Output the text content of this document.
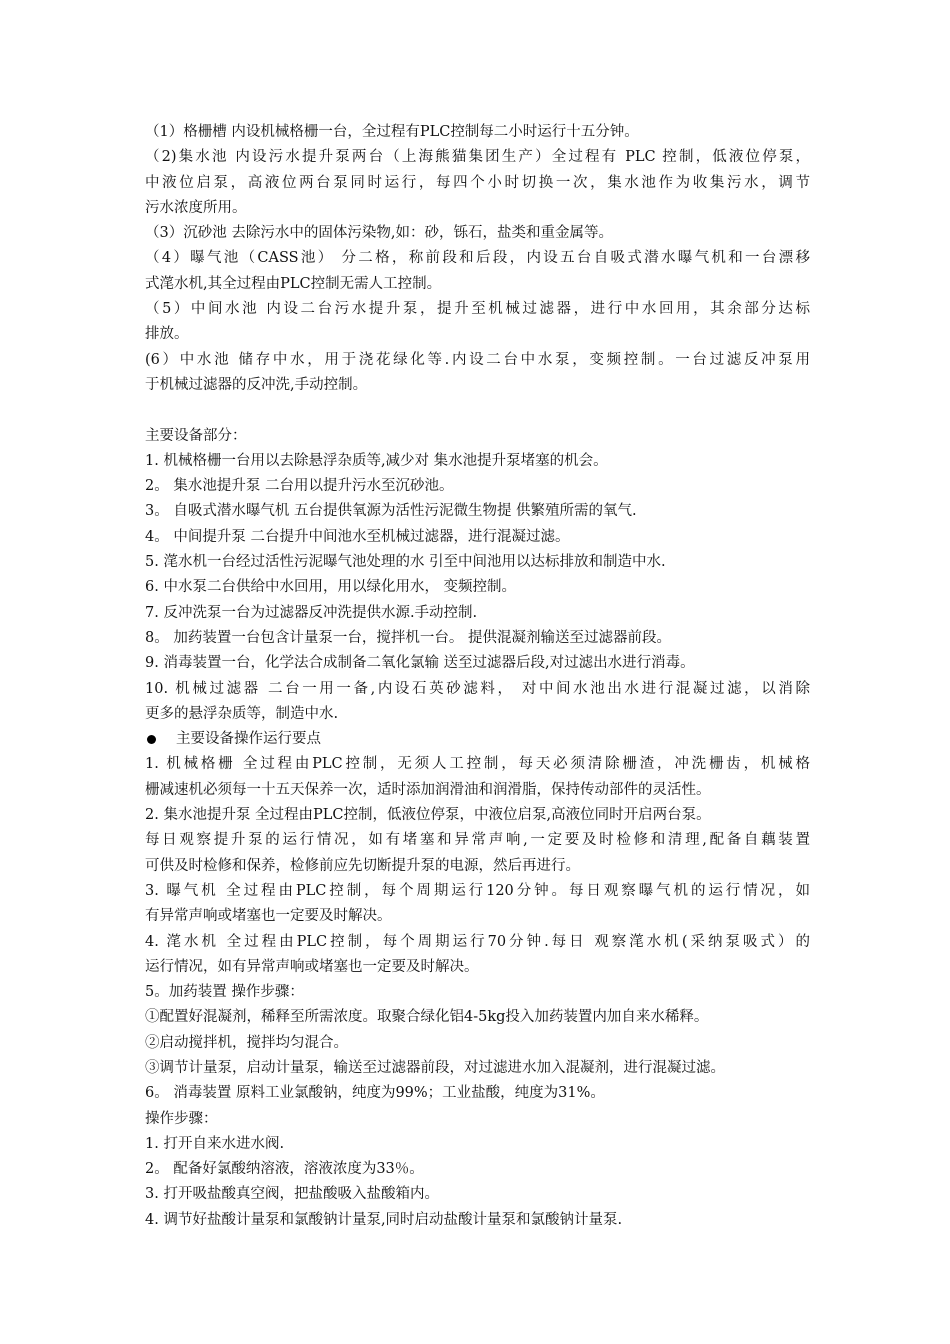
（1）格栅槽 内设机械格栅一台，全过程有PLC控制每二小时运行十五分钟。
（2)集水池 内设污水提升泵两台（上海熊猫集团生产）全过程有 PLC 控制，低液位停泵，
中液位启泵，高液位两台泵同时运行，每四个小时切换一次，集水池作为收集污水，调节
污水浓度所用。
（3）沉砂池 去除污水中的固体污染物,如：砂，铄石，盐类和重金属等。
（4）曝气池（CASS池） 分二格，称前段和后段，内设五台自吸式潜水曝气机和一台漂移
式滗水机,其全过程由PLC控制无需人工控制。
（5）中间水池 内设二台污水提升泵，提升至机械过滤器，进行中水回用，其余部分达标
排放。
(6）中水池 储存中水，用于浇花绿化等.内设二台中水泵，变频控制。一台过滤反冲泵用
于机械过滤器的反冲洗,手动控制。
主要设备部分：
1. 机械格栅一台用以去除悬浮杂质等,减少对 集水池提升泵堵塞的机会。
2。 集水池提升泵 二台用以提升污水至沉砂池。
3。 自吸式潜水曝气机 五台提供氧源为活性污泥微生物提 供繁殖所需的氧气.
4。 中间提升泵 二台提升中间池水至机械过滤器，进行混凝过滤。
5. 滗水机一台经过活性污泥曝气池处理的水 引至中间池用以达标排放和制造中水.
6. 中水泵二台供给中水回用，用以绿化用水， 变频控制。
7. 反冲洗泵一台为过滤器反冲洗提供水源.手动控制.
8。 加药装置一台包含计量泵一台，搅拌机一台。 提供混凝剂输送至过滤器前段。
9. 消毒装置一台，化学法合成制备二氧化氯输 送至过滤器后段,对过滤出水进行消毒。
10. 机械过滤器 二台一用一备,内设石英砂滤料， 对中间水池出水进行混凝过滤，以消除
更多的悬浮杂质等，制造中水.
主要设备操作运行要点
1. 机械格栅 全过程由PLC控制，无须人工控制，每天必须清除栅渣，冲洗栅齿，机械格
栅减速机必须每一十五天保养一次，适时添加润滑油和润滑脂，保持传动部件的灵活性。
2. 集水池提升泵 全过程由PLC控制，低液位停泵，中液位启泵,高液位同时开启两台泵。
每日观察提升泵的运行情况，如有堵塞和异常声响,一定要及时检修和清理,配备自藕装置
可供及时检修和保养，检修前应先切断提升泵的电源，然后再进行。
3. 曝气机 全过程由PLC控制，每个周期运行120分钟。每日观察曝气机的运行情况，如
有异常声响或堵塞也一定要及时解决。
4. 滗水机 全过程由PLC控制，每个周期运行70分钟.每日 观察滗水机(采纳泵吸式）的
运行情况，如有异常声响或堵塞也一定要及时解决。
5。加药装置 操作步骤：
①配置好混凝剂，稀释至所需浓度。取聚合绿化铝4-5kg投入加药装置内加自来水稀释。
②启动搅拌机，搅拌均匀混合。
③调节计量泵，启动计量泵，输送至过滤器前段，对过滤进水加入混凝剂，进行混凝过滤。
6。 消毒装置 原料工业氯酸钠，纯度为99%；工业盐酸，纯度为31%。
操作步骤：
1. 打开自来水进水阀.
2。 配备好氯酸纳溶液，溶液浓度为33％。
3. 打开吸盐酸真空阀，把盐酸吸入盐酸箱内。
4. 调节好盐酸计量泵和氯酸钠计量泵,同时启动盐酸计量泵和氯酸钠计量泵.
